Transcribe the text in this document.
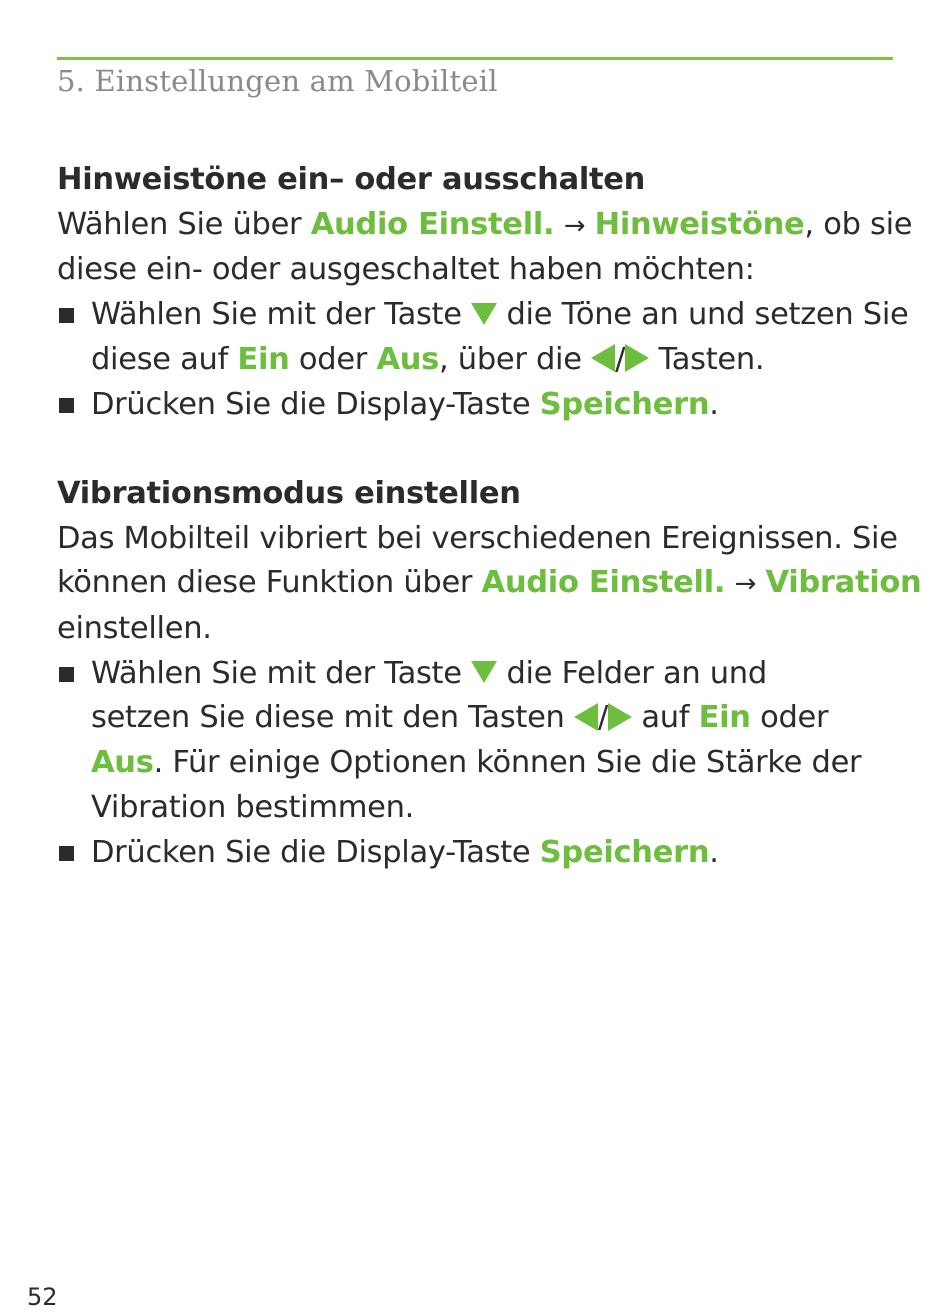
5. Einstellungen am Mobilteil

Hinweistöne ein– oder ausschalten

Wählen Sie über Audio Einstell. → Hinweistöne, ob sie

diese ein- oder ausgeschaltet haben möchten:

Wählen Sie mit der Taste  die Töne an und setzen Sie
diese auf Ein oder Aus, über die / Tasten.
Drücken Sie die Display-Taste Speichern.

Vibrationsmodus einstellen

Das Mobilteil vibriert bei verschiedenen Ereignissen. Sie

können diese Funktion über Audio Einstell. → Vibration

einstellen.

Wählen Sie mit der Taste  die Felder an und
setzen Sie diese mit den Tasten / auf Ein oder
Aus. Für einige Optionen können Sie die Stärke der
Vibration bestimmen.
Drücken Sie die Display-Taste Speichern.
52
